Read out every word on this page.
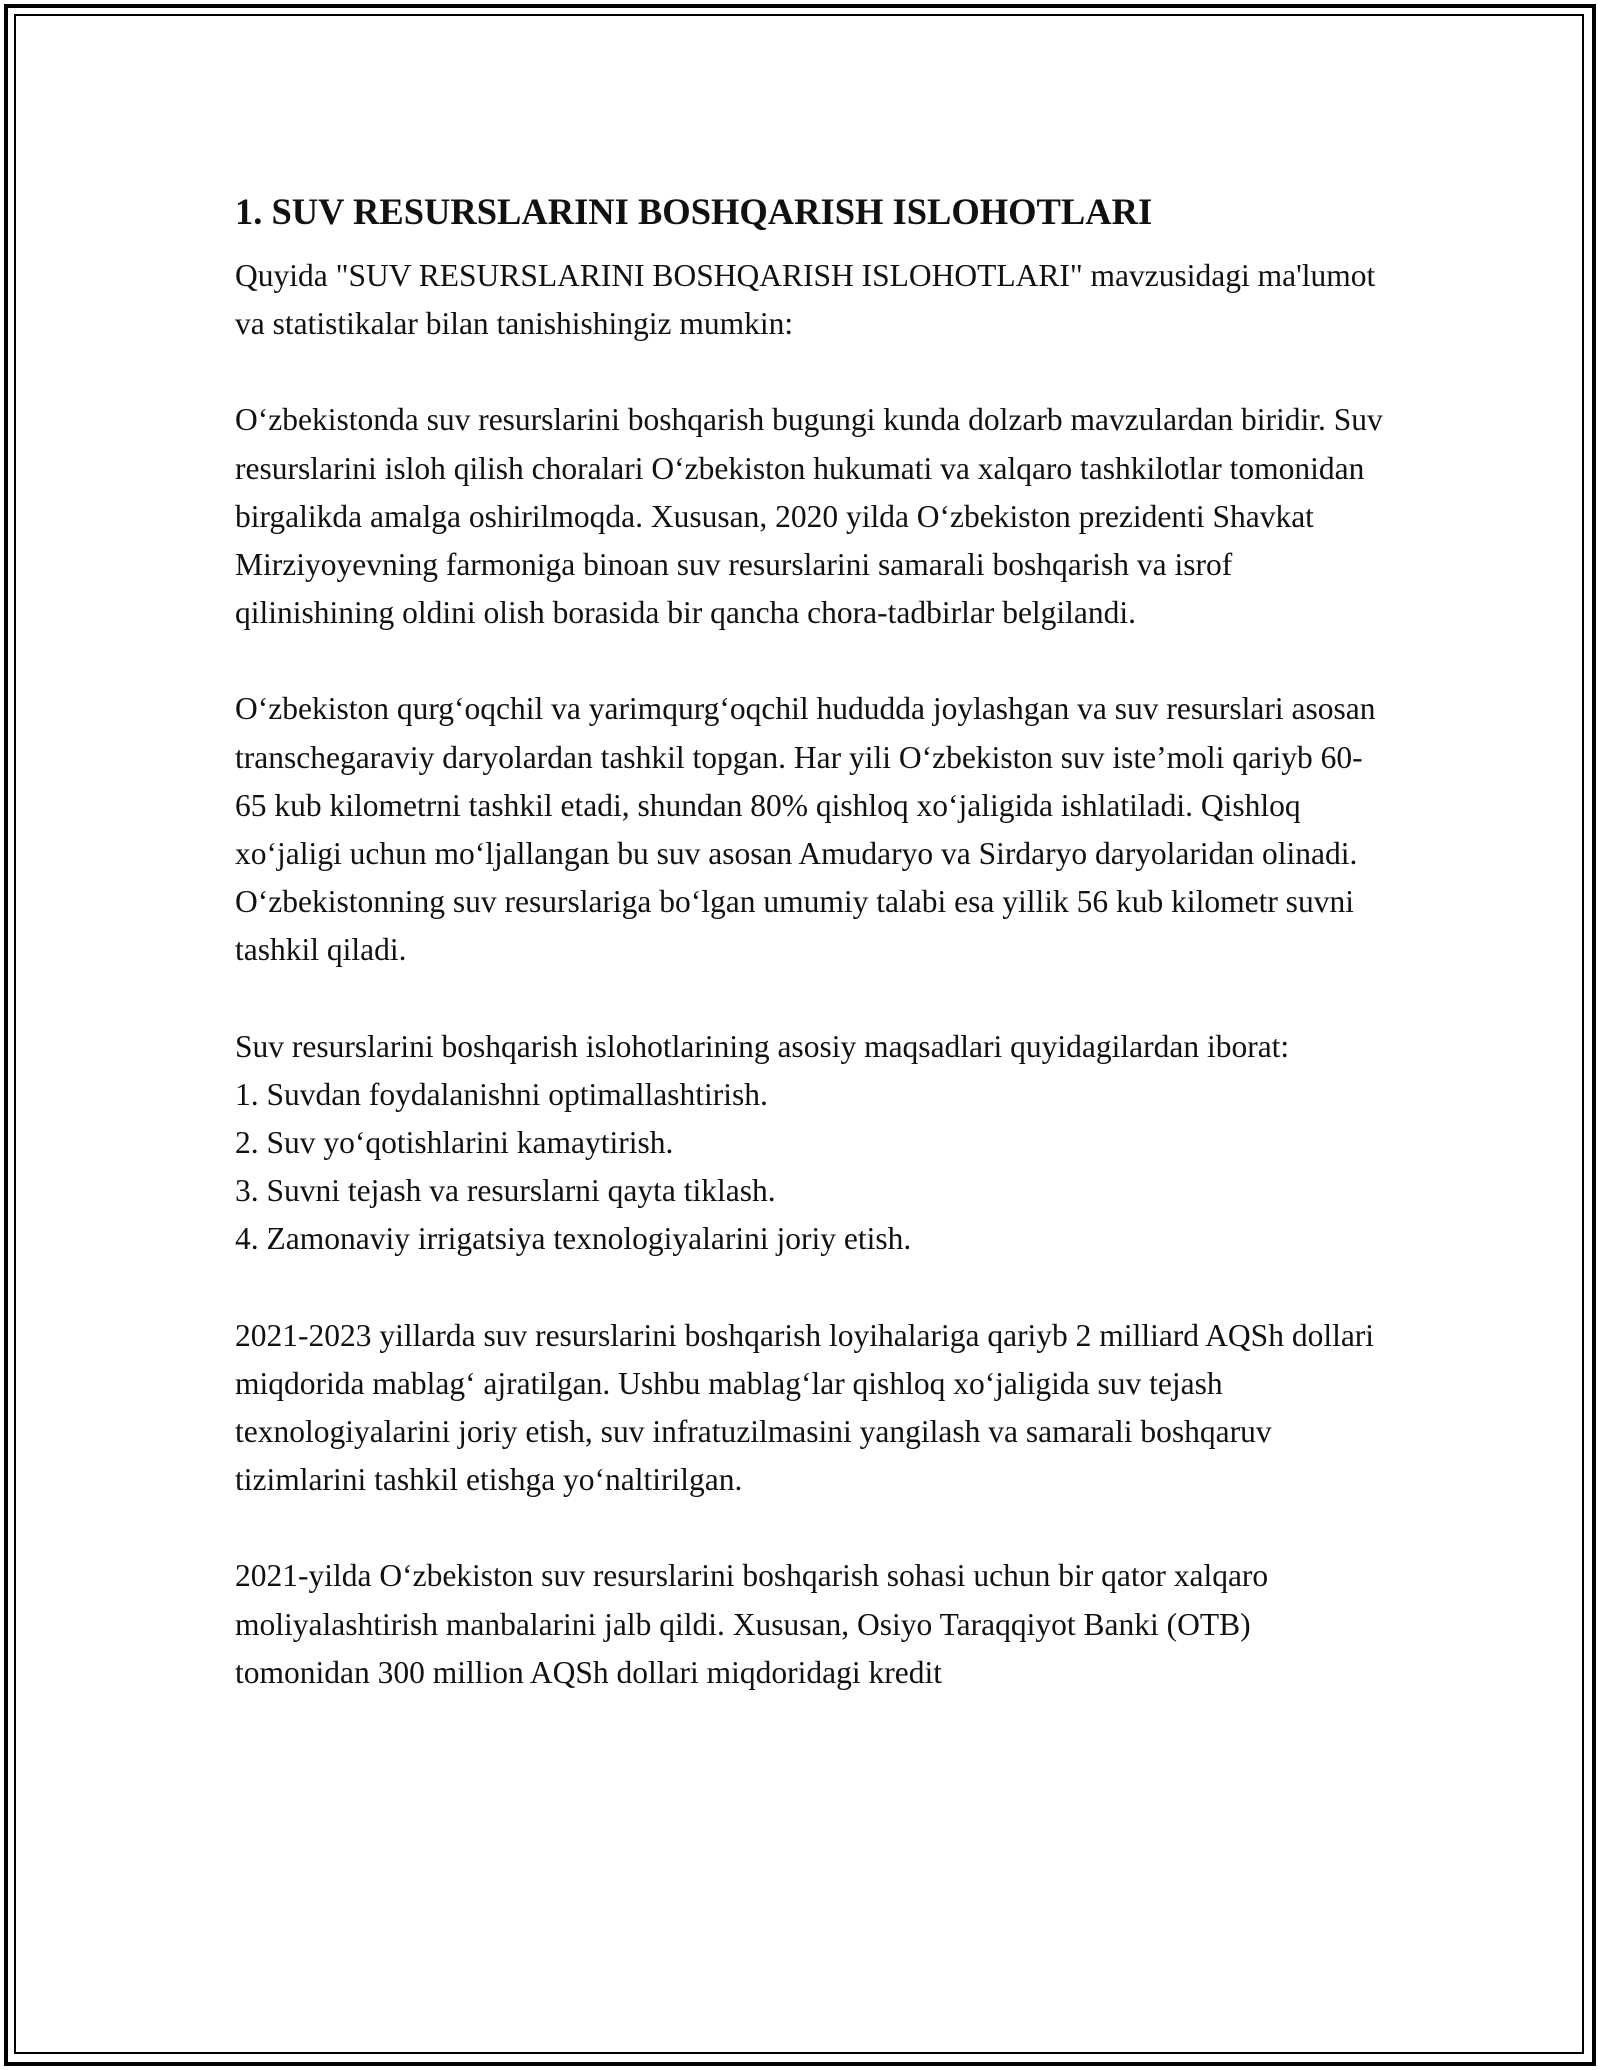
1. SUV RESURSLARINI BOSHQARISH ISLOHOTLARI

Quyida "SUV RESURSLARINI BOSHQARISH ISLOHOTLARI" mavzusidagi ma'lumot va statistikalar bilan tanishishingiz mumkin:

O‘zbekistonda suv resurslarini boshqarish bugungi kunda dolzarb mavzulardan biridir. Suv resurslarini isloh qilish choralari O‘zbekiston hukumati va xalqaro tashkilotlar tomonidan birgalikda amalga oshirilmoqda. Xususan, 2020 yilda O‘zbekiston prezidenti Shavkat Mirziyoyevning farmoniga binoan suv resurslarini samarali boshqarish va isrof qilinishining oldini olish borasida bir qancha chora-tadbirlar belgilandi.

O‘zbekiston qurg‘oqchil va yarimqurg‘oqchil hududda joylashgan va suv resurslari asosan transchegaraviy daryolardan tashkil topgan. Har yili O‘zbekiston suv iste’moli qariyb 60-65 kub kilometrni tashkil etadi, shundan 80% qishloq xo‘jaligida ishlatiladi. Qishloq xo‘jaligi uchun mo‘ljallangan bu suv asosan Amudaryo va Sirdaryo daryolaridan olinadi. O‘zbekistonning suv resurslariga bo‘lgan umumiy talabi esa yillik 56 kub kilometr suvni tashkil qiladi.

Suv resurslarini boshqarish islohotlarining asosiy maqsadlari quyidagilardan iborat:

1. Suvdan foydalanishni optimallashtirish.
2. Suv yo‘qotishlarini kamaytirish.
3. Suvni tejash va resurslarni qayta tiklash.
4. Zamonaviy irrigatsiya texnologiyalarini joriy etish.

2021-2023 yillarda suv resurslarini boshqarish loyihalariga qariyb 2 milliard AQSh dollari miqdorida mablag‘ ajratilgan. Ushbu mablag‘lar qishloq xo‘jaligida suv tejash texnologiyalarini joriy etish, suv infratuzilmasini yangilash va samarali boshqaruv tizimlarini tashkil etishga yo‘naltirilgan.

2021-yilda O‘zbekiston suv resurslarini boshqarish sohasi uchun bir qator xalqaro moliyalashtirish manbalarini jalb qildi. Xususan, Osiyo Taraqqiyot Banki (OTB) tomonidan 300 million AQSh dollari miqdoridagi kredit
